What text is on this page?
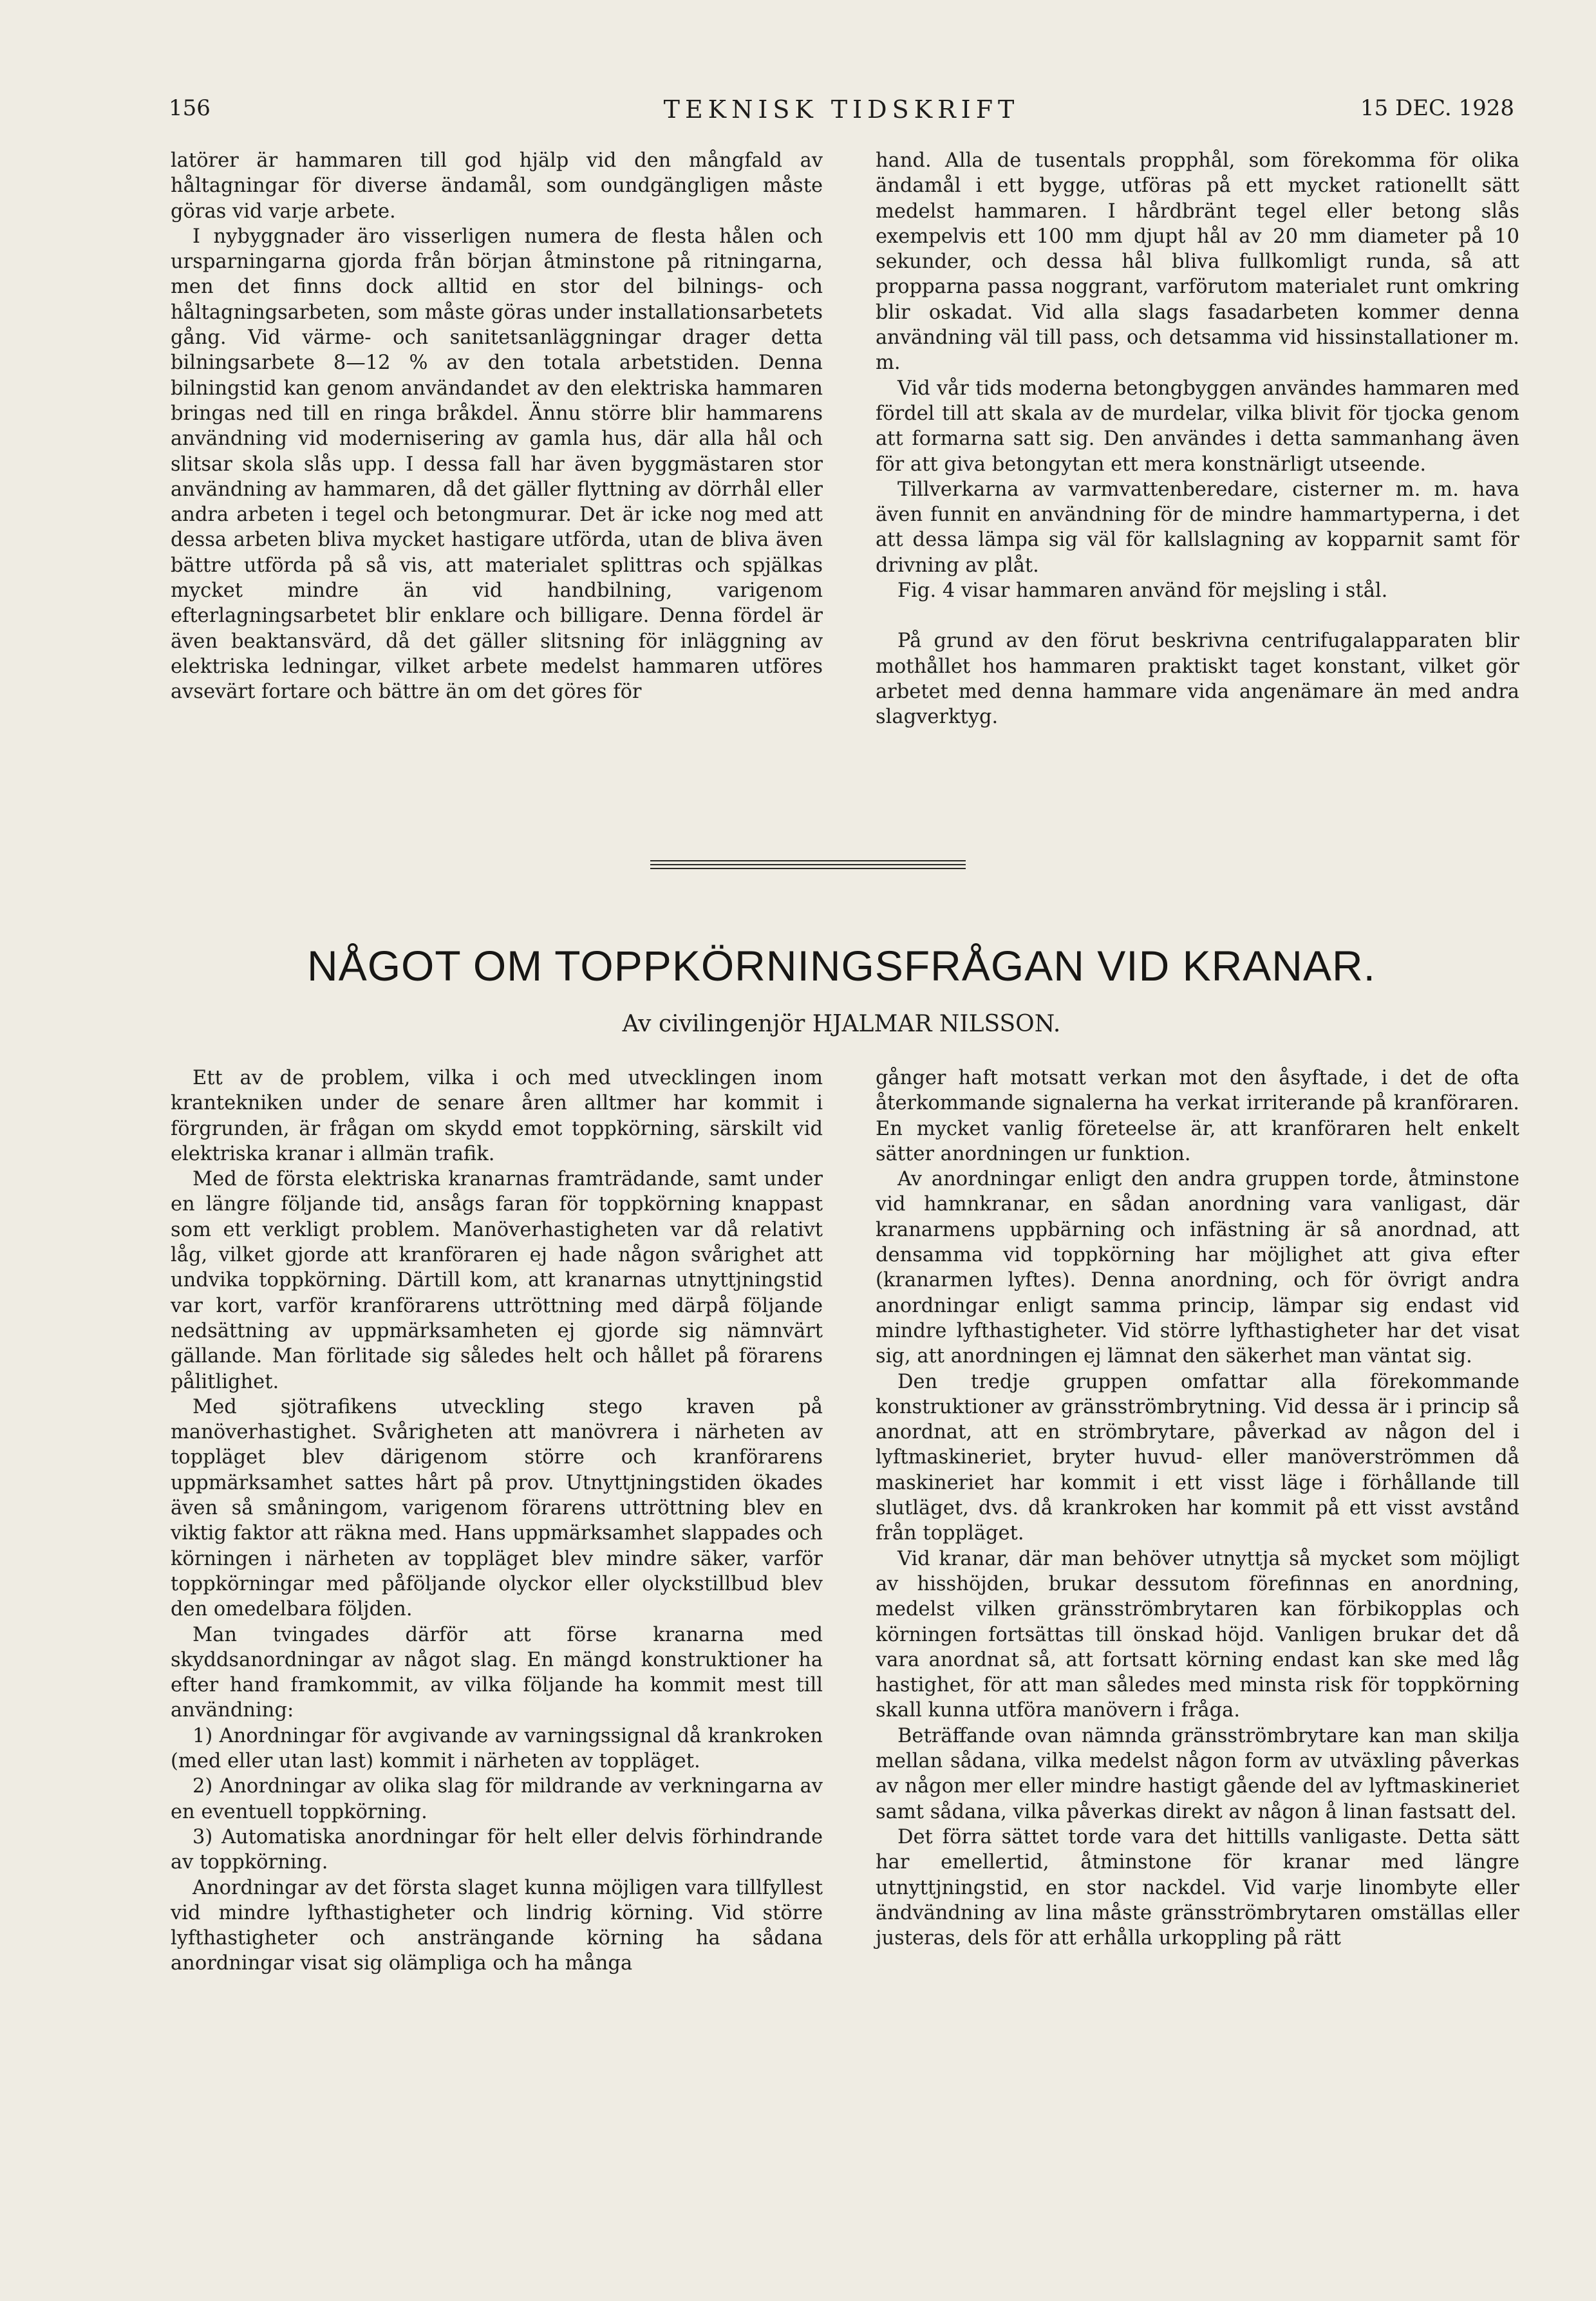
156	TEKNISK TIDSKRIFT	15 DEC. 1928

latörer är hammaren till god hjälp vid den mångfald av håltagningar för diverse ändamål, som oundgängligen måste göras vid varje arbete.

I nybyggnader äro visserligen numera de flesta hålen och ursparningarna gjorda från början åtminstone på ritningarna, men det finns dock alltid en stor del bilnings- och håltagningsarbeten, som måste göras under installationsarbetets gång. Vid värme- och sanitetsanläggningar drager detta bilningsarbete 8—12 % av den totala arbetstiden. Denna bilningstid kan genom användandet av den elektriska hammaren bringas ned till en ringa bråkdel. Ännu större blir hammarens användning vid modernisering av gamla hus, där alla hål och slitsar skola slås upp. I dessa fall har även byggmästaren stor användning av hammaren, då det gäller flyttning av dörrhål eller andra arbeten i tegel och betongmurar. Det är icke nog med att dessa arbeten bliva mycket hastigare utförda, utan de bliva även bättre utförda på så vis, att materialet splittras och spjälkas mycket mindre än vid handbilning, varigenom efterlagningsarbetet blir enklare och billigare. Denna fördel är även beaktansvärd, då det gäller slitsning för inläggning av elektriska ledningar, vilket arbete medelst hammaren utföres avsevärt fortare och bättre än om det göres för

hand. Alla de tusentals propphål, som förekomma för olika ändamål i ett bygge, utföras på ett mycket rationellt sätt medelst hammaren. I hårdbränt tegel eller betong slås exempelvis ett 100 mm djupt hål av 20 mm diameter på 10 sekunder, och dessa hål bliva fullkomligt runda, så att propparna passa noggrant, varförutom materialet runt omkring blir oskadat. Vid alla slags fasadarbeten kommer denna användning väl till pass, och detsamma vid hissinstallationer m. m.

Vid vår tids moderna betongbyggen användes hammaren med fördel till att skala av de murdelar, vilka blivit för tjocka genom att formarna satt sig. Den användes i detta sammanhang även för att giva betongytan ett mera konstnärligt utseende.

Tillverkarna av varmvattenberedare, cisterner m. m. hava även funnit en användning för de mindre hammartyperna, i det att dessa lämpa sig väl för kallslagning av kopparnit samt för drivning av plåt.

Fig. 4 visar hammaren använd för mejsling i stål.

På grund av den förut beskrivna centrifugalapparaten blir mothållet hos hammaren praktiskt taget konstant, vilket gör arbetet med denna hammare vida angenämare än med andra slagverktyg.

NÅGOT OM TOPPKÖRNINGSFRÅGAN VID KRANAR.
Av civilingenjör HJALMAR NILSSON.

Ett av de problem, vilka i och med utvecklingen inom krantekniken under de senare åren alltmer har kommit i förgrunden, är frågan om skydd emot toppkörning, särskilt vid elektriska kranar i allmän trafik.

Med de första elektriska kranarnas framträdande, samt under en längre följande tid, ansågs faran för toppkörning knappast som ett verkligt problem. Manöverhastigheten var då relativt låg, vilket gjorde att kranföraren ej hade någon svårighet att undvika toppkörning. Därtill kom, att kranarnas utnyttjningstid var kort, varför kranförarens uttröttning med därpå följande nedsättning av uppmärksamheten ej gjorde sig nämnvärt gällande. Man förlitade sig således helt och hållet på förarens pålitlighet.

Med sjötrafikens utveckling stego kraven på manöverhastighet. Svårigheten att manövrera i närheten av toppläget blev därigenom större och kranförarens uppmärksamhet sattes hårt på prov. Utnyttjningstiden ökades även så småningom, varigenom förarens uttröttning blev en viktig faktor att räkna med. Hans uppmärksamhet slappades och körningen i närheten av toppläget blev mindre säker, varför toppkörningar med påföljande olyckor eller olyckstillbud blev den omedelbara följden.

Man tvingades därför att förse kranarna med skyddsanordningar av något slag. En mängd konstruktioner ha efter hand framkommit, av vilka följande ha kommit mest till användning:

1) Anordningar för avgivande av varningssignal då krankroken (med eller utan last) kommit i närheten av toppläget.

2) Anordningar av olika slag för mildrande av verkningarna av en eventuell toppkörning.

3) Automatiska anordningar för helt eller delvis förhindrande av toppkörning.

Anordningar av det första slaget kunna möjligen vara tillfyllest vid mindre lyfthastigheter och lindrig körning. Vid större lyfthastigheter och ansträngande körning ha sådana anordningar visat sig olämpliga och ha många

gånger haft motsatt verkan mot den åsyftade, i det de ofta återkommande signalerna ha verkat irriterande på kranföraren. En mycket vanlig företeelse är, att kranföraren helt enkelt sätter anordningen ur funktion.

Av anordningar enligt den andra gruppen torde, åtminstone vid hamnkranar, en sådan anordning vara vanligast, där kranarmens uppbärning och infästning är så anordnad, att densamma vid toppkörning har möjlighet att giva efter (kranarmen lyftes). Denna anordning, och för övrigt andra anordningar enligt samma princip, lämpar sig endast vid mindre lyfthastigheter. Vid större lyfthastigheter har det visat sig, att anordningen ej lämnat den säkerhet man väntat sig.

Den tredje gruppen omfattar alla förekommande konstruktioner av gränsströmbrytning. Vid dessa är i princip så anordnat, att en strömbrytare, påverkad av någon del i lyftmaskineriet, bryter huvud- eller manöverströmmen då maskineriet har kommit i ett visst läge i förhållande till slutläget, dvs. då krankroken har kommit på ett visst avstånd från toppläget.

Vid kranar, där man behöver utnyttja så mycket som möjligt av hisshöjden, brukar dessutom förefinnas en anordning, medelst vilken gränsströmbrytaren kan förbikopplas och körningen fortsättas till önskad höjd. Vanligen brukar det då vara anordnat så, att fortsatt körning endast kan ske med låg hastighet, för att man således med minsta risk för toppkörning skall kunna utföra manövern i fråga.

Beträffande ovan nämnda gränsströmbrytare kan man skilja mellan sådana, vilka medelst någon form av utväxling påverkas av någon mer eller mindre hastigt gående del av lyftmaskineriet samt sådana, vilka påverkas direkt av någon å linan fastsatt del.

Det förra sättet torde vara det hittills vanligaste. Detta sätt har emellertid, åtminstone för kranar med längre utnyttjningstid, en stor nackdel. Vid varje linombyte eller ändvändning av lina måste gränsströmbrytaren omställas eller justeras, dels för att erhålla urkoppling på rätt
